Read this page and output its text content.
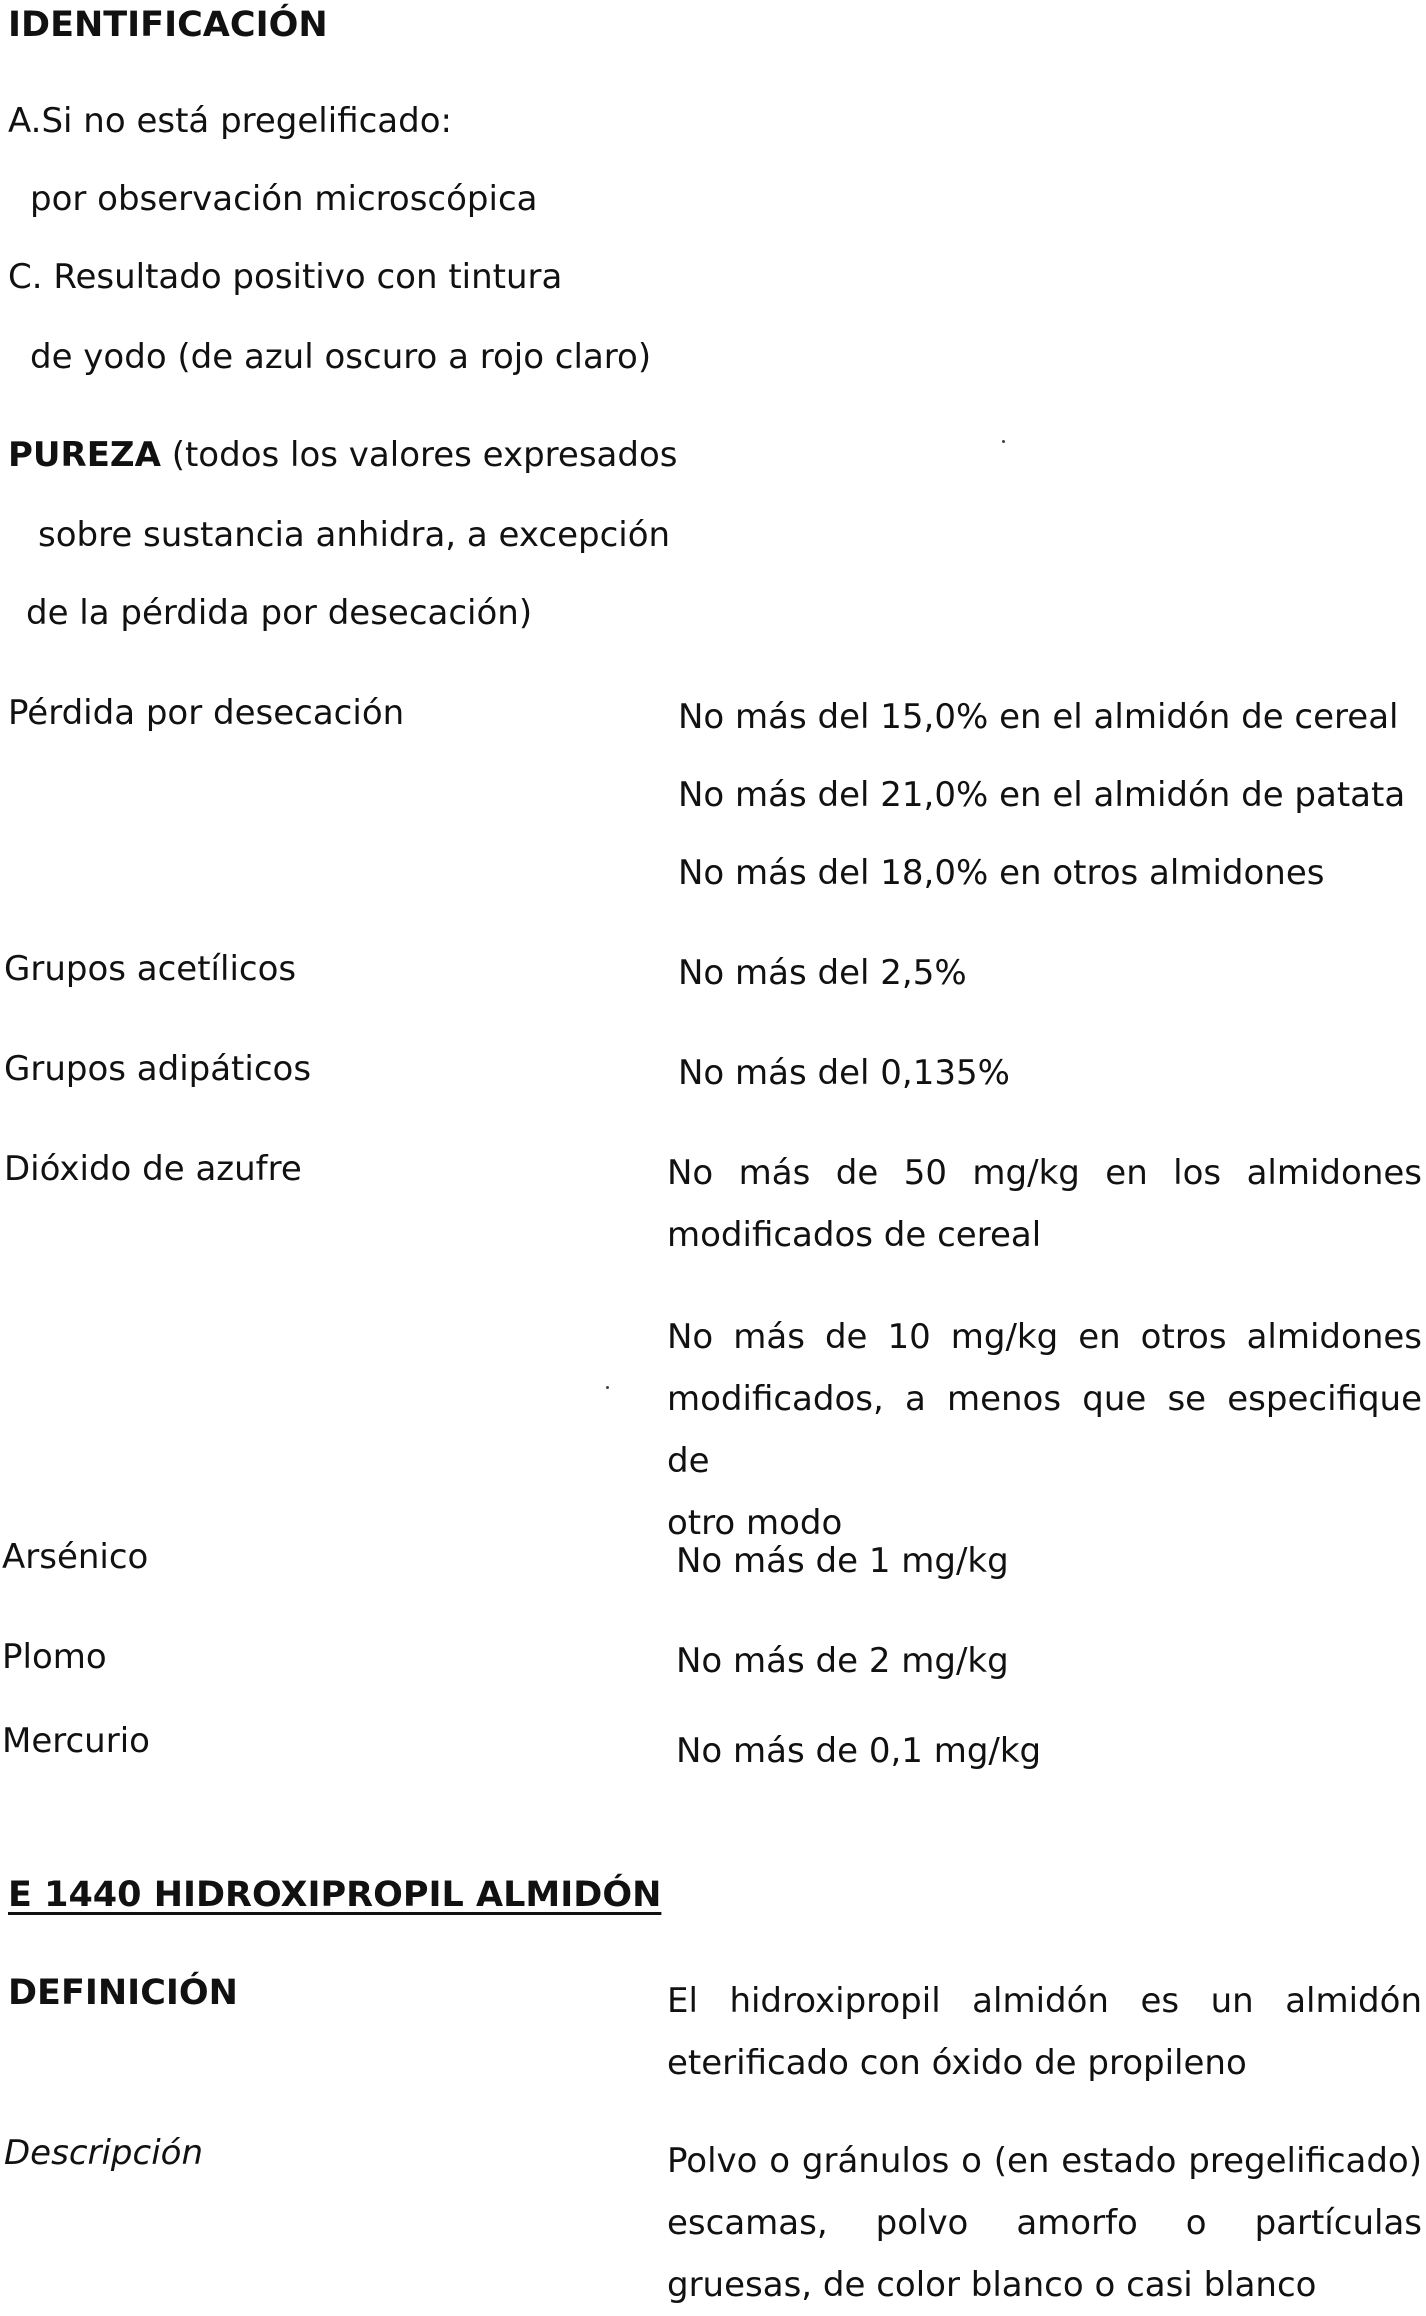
IDENTIFICACIÓN
A.Si no está pregelificado:
por observación microscópica
C. Resultado positivo con tintura
de yodo (de azul oscuro a rojo claro)
PUREZA (todos los valores expresados
sobre sustancia anhidra, a excepción
de la pérdida por desecación)
Pérdida por desecación	No más del 15,0% en el almidón de cereal
No más del 21,0% en el almidón de patata
No más del 18,0% en otros almidones
Grupos acetílicos	No más del 2,5%
Grupos adipáticos	No más del 0,135%
Dióxido de azufre	No más de 50 mg/kg en los almidones
modificados de cereal
No más de 10 mg/kg en otros almidones
modificados, a menos que se especifique de
otro modo
Arsénico	No más de 1 mg/kg
Plomo	No más de 2 mg/kg
Mercurio	No más de 0,1 mg/kg
E 1440 HIDROXIPROPIL ALMIDÓN
DEFINICIÓN	El hidroxipropil almidón es un almidón
eterificado con óxido de propileno
Descripción	Polvo o gránulos o (en estado pregelificado)
escamas, polvo amorfo o partículas
gruesas, de color blanco o casi blanco
